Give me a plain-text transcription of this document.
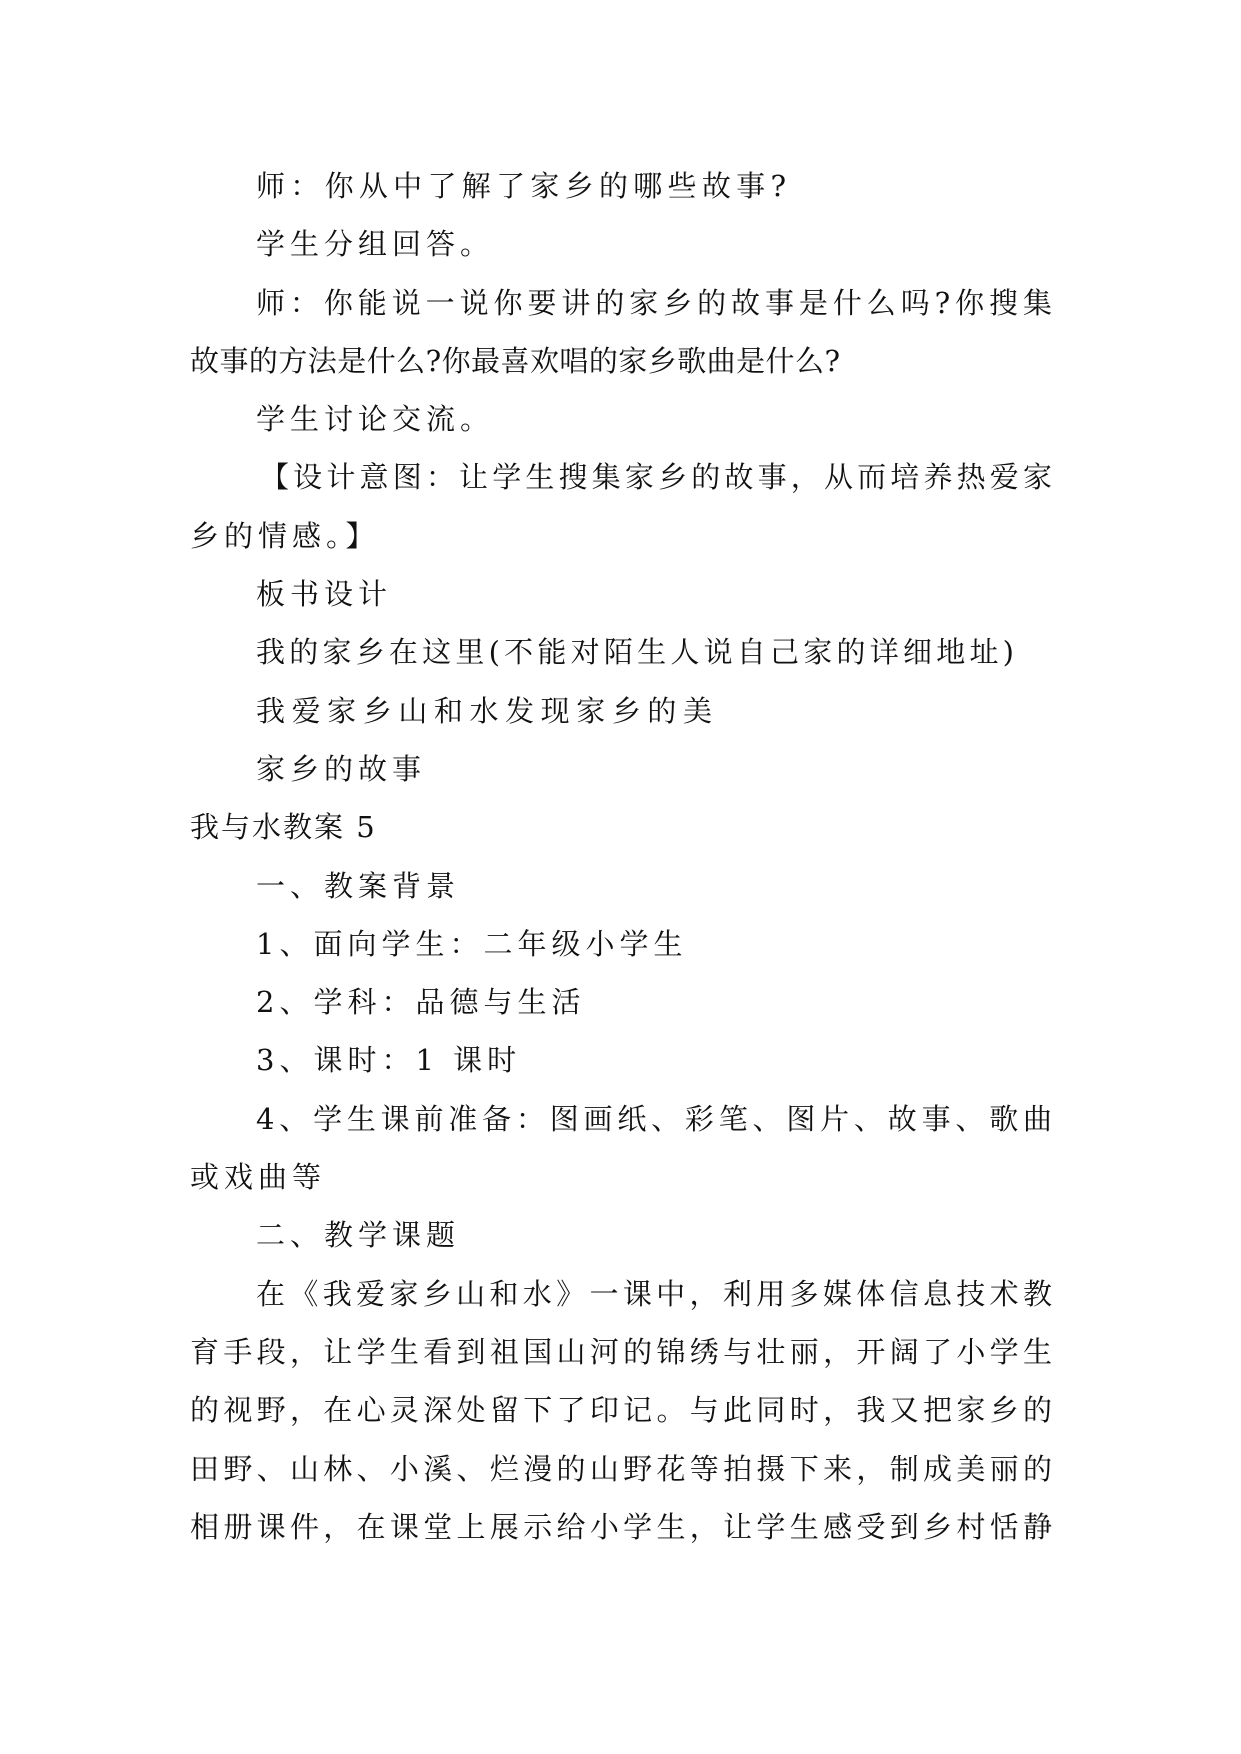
师：你从中了解了家乡的哪些故事?
学生分组回答。
师：你能说一说你要讲的家乡的故事是什么吗?你搜集
故事的方法是什么?你最喜欢唱的家乡歌曲是什么?
学生讨论交流。
【设计意图：让学生搜集家乡的故事，从而培养热爱家
乡的情感。】
板书设计
我的家乡在这里(不能对陌生人说自己家的详细地址)
我爱家乡山和水发现家乡的美
家乡的故事
我与水教案 5
一、教案背景
1、面向学生：二年级小学生
2、学科：品德与生活
3、课时：1 课时
4、学生课前准备：图画纸、彩笔、图片、故事、歌曲
或戏曲等
二、教学课题
在《我爱家乡山和水》一课中，利用多媒体信息技术教
育手段，让学生看到祖国山河的锦绣与壮丽，开阔了小学生
的视野，在心灵深处留下了印记。与此同时，我又把家乡的
田野、山林、小溪、烂漫的山野花等拍摄下来，制成美丽的
相册课件，在课堂上展示给小学生，让学生感受到乡村恬静
